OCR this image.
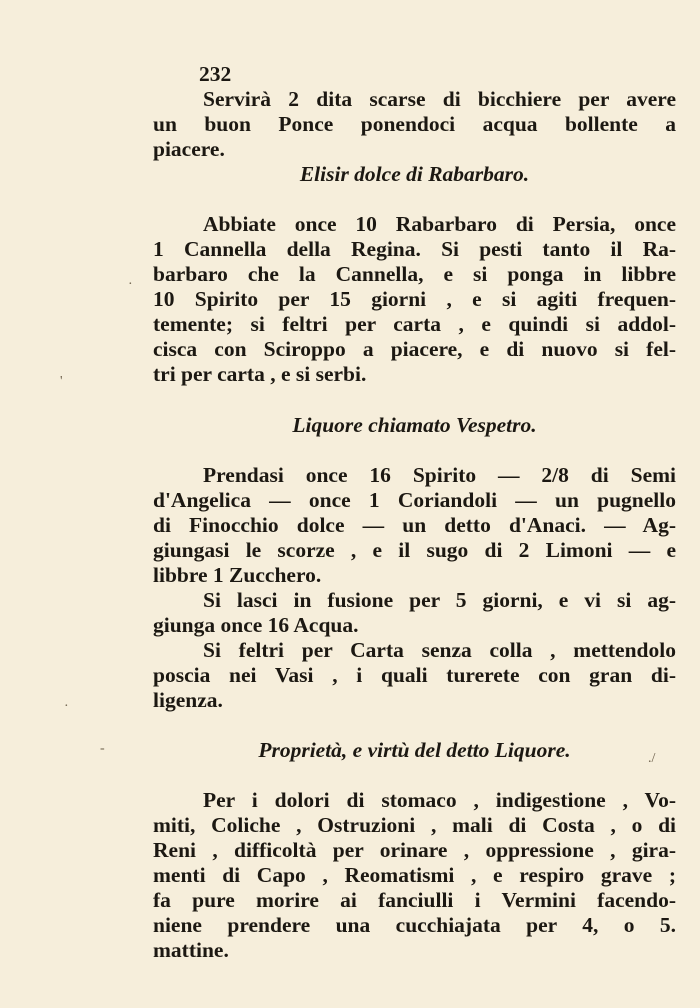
232

Servirà 2 dita scarse di bicchiere per avere
un buon Ponce ponendoci acqua bollente a
piacere.

Elisir dolce di Rabarbaro.

Abbiate once 10 Rabarbaro di Persia, once
1 Cannella della Regina. Si pesti tanto il Ra-
barbaro che la Cannella, e si ponga in libbre
10 Spirito per 15 giorni , e si agiti frequen-
temente; si feltri per carta , e quindi si addol-
cisca con Sciroppo a piacere, e di nuovo si fel-
tri per carta , e si serbi.

Liquore chiamato Vespetro.

Prendasi once 16 Spirito — 2/8 di Semi
d'Angelica — once 1 Coriandoli — un pugnello
di Finocchio dolce — un detto d'Anaci. — Ag-
giungasi le scorze , e il sugo di 2 Limoni — e
libbre 1 Zucchero.

Si lasci in fusione per 5 giorni, e vi si ag-
giunga once 16 Acqua.

Si feltri per Carta senza colla , mettendolo
poscia nei Vasi , i quali turerete con gran di-
ligenza.

Proprietà, e virtù del detto Liquore.

Per i dolori di stomaco , indigestione , Vo-
miti, Coliche , Ostruzioni , mali di Costa , o di
Reni , difficoltà per orinare , oppressione , gira-
menti di Capo , Reomatismi , e respiro grave ;
fa pure morire ai fanciulli i Vermini facendo-
niene prendere una cucchiajata per 4, o 5.
mattine.

·
'
·
-
./
